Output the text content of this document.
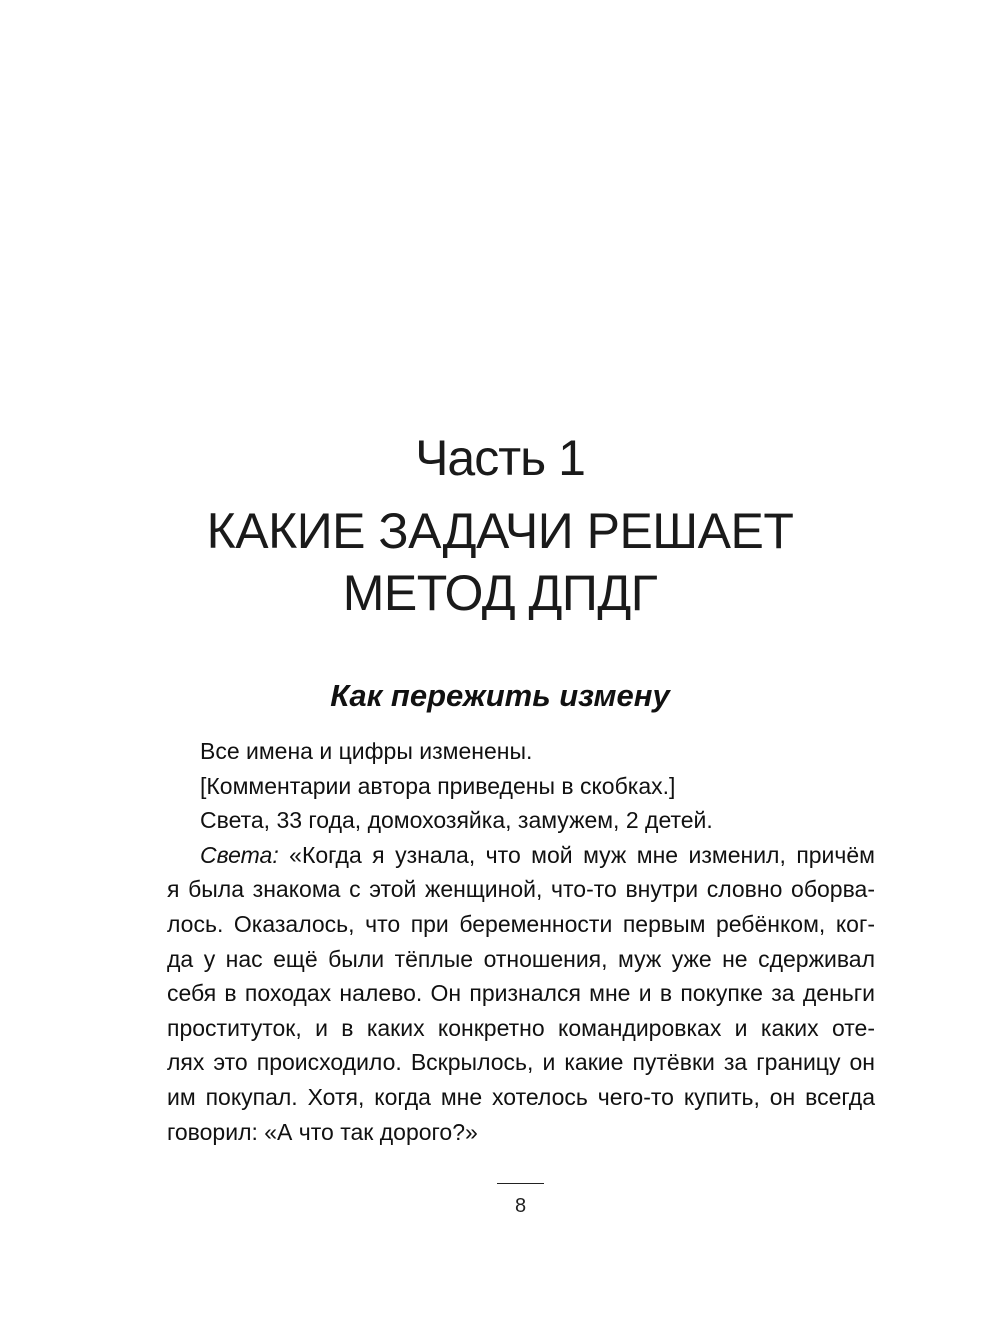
Часть 1
КАКИЕ ЗАДАЧИ РЕШАЕТ
МЕТОД ДПДГ
Как пережить измену

Все имена и цифры изменены.

[Комментарии автора приведены в скобках.]

Света, 33 года, домохозяйка, замужем, 2 детей.

Света: «Когда я узнала, что мой муж мне изменил, причём
я была знакома с этой женщиной, что-то внутри словно оборва-
лось. Оказалось, что при беременности первым ребёнком, ког-
да у нас ещё были тёплые отношения, муж уже не сдерживал
себя в походах налево. Он признался мне и в покупке за деньги
проституток, и в каких конкретно командировках и каких оте-
лях это происходило. Вскрылось, и какие путёвки за границу он
им покупал. Хотя, когда мне хотелось чего-то купить, он всегда
говорил: «А что так дорого?»

8
